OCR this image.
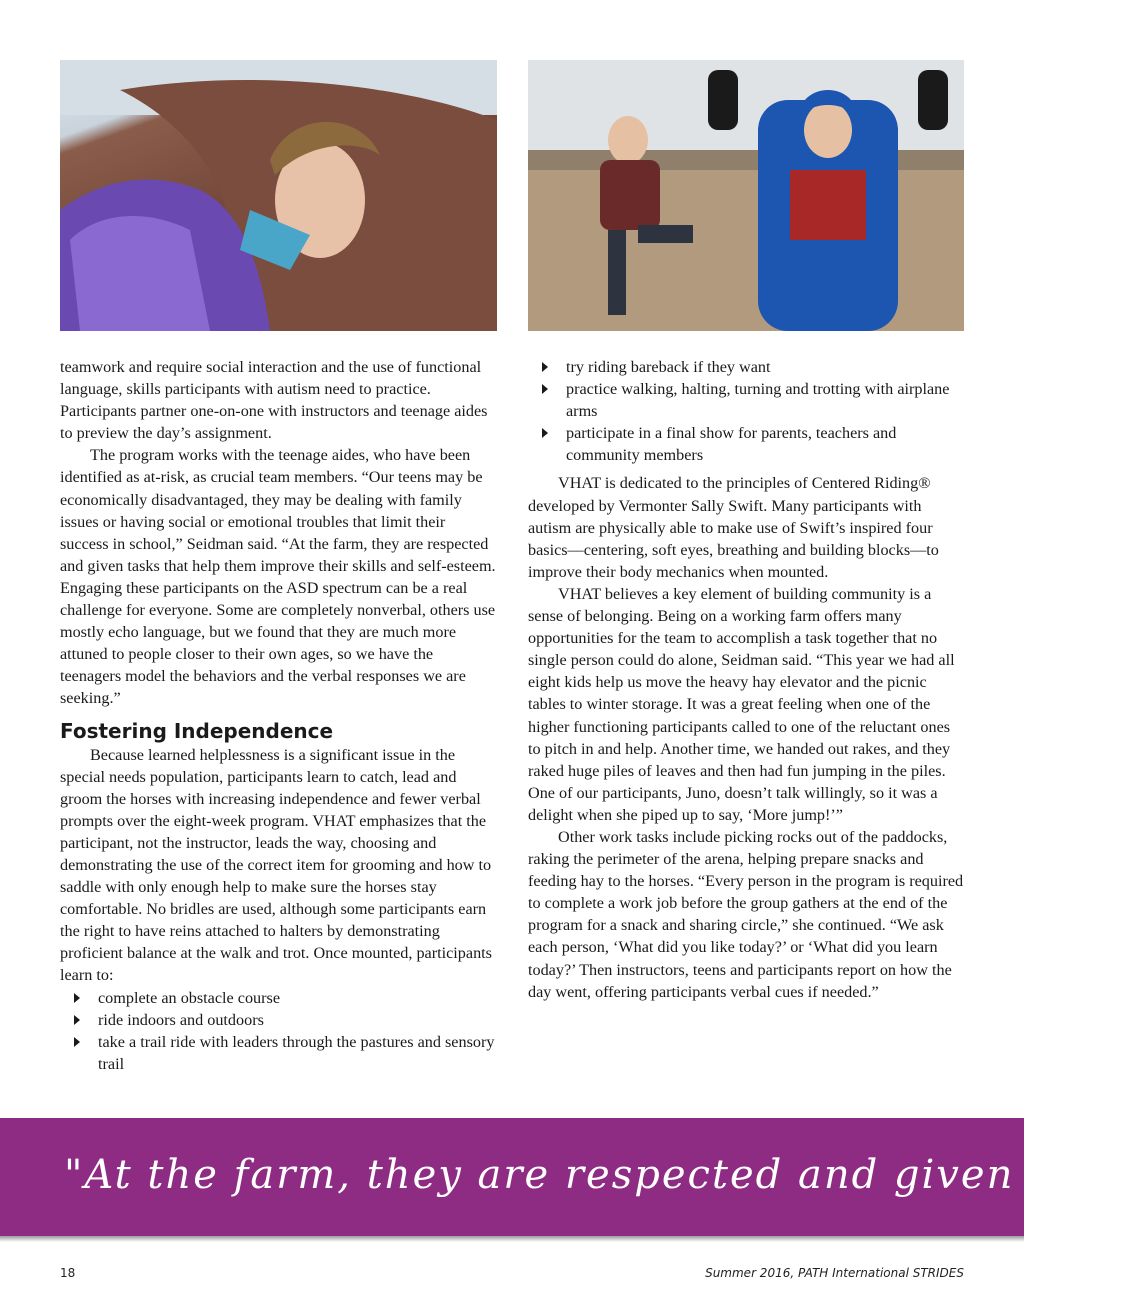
teamwork and require social interaction and the use of functional language, skills participants with autism need to practice. Participants partner one-on-one with instructors and teenage aides to preview the day’s assignment.

The program works with the teenage aides, who have been identified as at-risk, as crucial team members. “Our teens may be economically disadvantaged, they may be dealing with family issues or having social or emotional troubles that limit their success in school,” Seidman said. “At the farm, they are respected and given tasks that help them improve their skills and self-esteem. Engaging these participants on the ASD spectrum can be a real challenge for everyone. Some are completely nonverbal, others use mostly echo language, but we found that they are much more attuned to people closer to their own ages, so we have the teenagers model the behaviors and the verbal responses we are seeking.”

Fostering Independence

Because learned helplessness is a significant issue in the special needs population, participants learn to catch, lead and groom the horses with increasing independence and fewer verbal prompts over the eight-week program. VHAT emphasizes that the participant, not the instructor, leads the way, choosing and demonstrating the use of the correct item for grooming and how to saddle with only enough help to make sure the horses stay comfortable. No bridles are used, although some participants earn the right to have reins attached to halters by demonstrating proficient balance at the walk and trot. Once mounted, participants learn to:

complete an obstacle course
ride indoors and outdoors
take a trail ride with leaders through the pastures and sensory trail
try riding bareback if they want
practice walking, halting, turning and trotting with airplane arms
participate in a final show for parents, teachers and community members

VHAT is dedicated to the principles of Centered Riding® developed by Vermonter Sally Swift. Many participants with autism are physically able to make use of Swift’s inspired four basics—centering, soft eyes, breathing and building blocks—to improve their body mechanics when mounted.

VHAT believes a key element of building community is a sense of belonging. Being on a working farm offers many opportunities for the team to accomplish a task together that no single person could do alone, Seidman said. “This year we had all eight kids help us move the heavy hay elevator and the picnic tables to winter storage. It was a great feeling when one of the higher functioning participants called to one of the reluctant ones to pitch in and help. Another time, we handed out rakes, and they raked huge piles of leaves and then had fun jumping in the piles. One of our participants, Juno, doesn’t talk willingly, so it was a delight when she piped up to say, ‘More jump!’”

Other work tasks include picking rocks out of the paddocks, raking the perimeter of the arena, helping prepare snacks and feeding hay to the horses. “Every person in the program is required to complete a work job before the group gathers at the end of the program for a snack and sharing circle,” she continued. “We ask each person, ‘What did you like today?’ or ‘What did you learn today?’ Then instructors, teens and participants report on how the day went, offering participants verbal cues if needed.”

"At the farm, they are respected and given tasks
18	Summer 2016, PATH International STRIDES
